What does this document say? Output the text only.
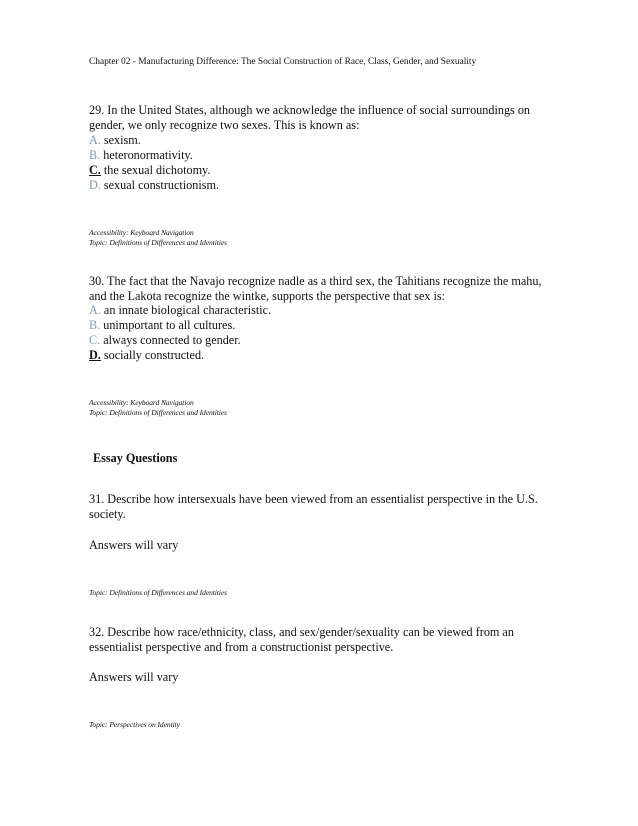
Chapter 02 - Manufacturing Difference: The Social Construction of Race, Class, Gender, and Sexuality
29. In the United States, although we acknowledge the influence of social surroundings on gender, we only recognize two sexes. This is known as:
A. sexism.
B. heteronormativity.
C. the sexual dichotomy.
D. sexual constructionism.
Accessibility: Keyboard Navigation
Topic: Definitions of Differences and Identities
30. The fact that the Navajo recognize nadle as a third sex, the Tahitians recognize the mahu, and the Lakota recognize the wintke, supports the perspective that sex is:
A. an innate biological characteristic.
B. unimportant to all cultures.
C. always connected to gender.
D. socially constructed.
Accessibility: Keyboard Navigation
Topic: Definitions of Differences and Identities
Essay Questions
31. Describe how intersexuals have been viewed from an essentialist perspective in the U.S. society.
Answers will vary
Topic: Definitions of Differences and Identities
32. Describe how race/ethnicity, class, and sex/gender/sexuality can be viewed from an essentialist perspective and from a constructionist perspective.
Answers will vary
Topic: Perspectives on Identity
